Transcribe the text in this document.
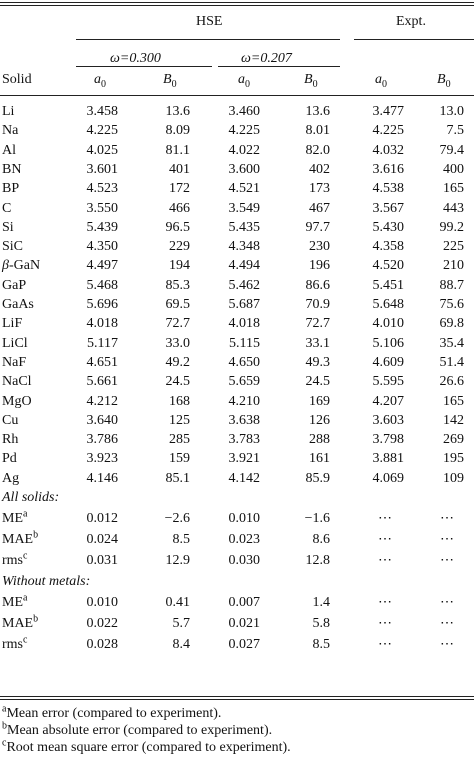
HSE	Expt.
ω=0.300	ω=0.207
Solid	$a_0$	$B_0$	$a_0$	$B_0$	$a_0$	$B_0$
Li	3.458	13.6	3.460	13.6	3.477	13.0
Na	4.225	8.09	4.225	8.01	4.225	7.5
Al	4.025	81.1	4.022	82.0	4.032	79.4
BN	3.601	401	3.600	402	3.616	400
BP	4.523	172	4.521	173	4.538	165
C	3.550	466	3.549	467	3.567	443
Si	5.439	96.5	5.435	97.7	5.430	99.2
SiC	4.350	229	4.348	230	4.358	225
β-GaN	4.497	194	4.494	196	4.520	210
GaP	5.468	85.3	5.462	86.6	5.451	88.7
GaAs	5.696	69.5	5.687	70.9	5.648	75.6
LiF	4.018	72.7	4.018	72.7	4.010	69.8
LiCl	5.117	33.0	5.115	33.1	5.106	35.4
NaF	4.651	49.2	4.650	49.3	4.609	51.4
NaCl	5.661	24.5	5.659	24.5	5.595	26.6
MgO	4.212	168	4.210	169	4.207	165
Cu	3.640	125	3.638	126	3.603	142
Rh	3.786	285	3.783	288	3.798	269
Pd	3.923	159	3.921	161	3.881	195
Ag	4.146	85.1	4.142	85.9	4.069	109
All solids:
$ME^a$	0.012	−2.6	0.010	−1.6	⋯	⋯
MAE$^b$	0.024	8.5	0.023	8.6	⋯	⋯
rms$^c$	0.031	12.9	0.030	12.8	⋯	⋯
Without metals:
$ME^a$	0.010	0.41	0.007	1.4	⋯	⋯
MAE$^b$	0.022	5.7	0.021	5.8	⋯	⋯
rms$^c$	0.028	8.4	0.027	8.5	⋯	⋯
$^a$Mean error (compared to experiment).
$^b$Mean absolute error (compared to experiment).
$^c$Root mean square error (compared to experiment).
